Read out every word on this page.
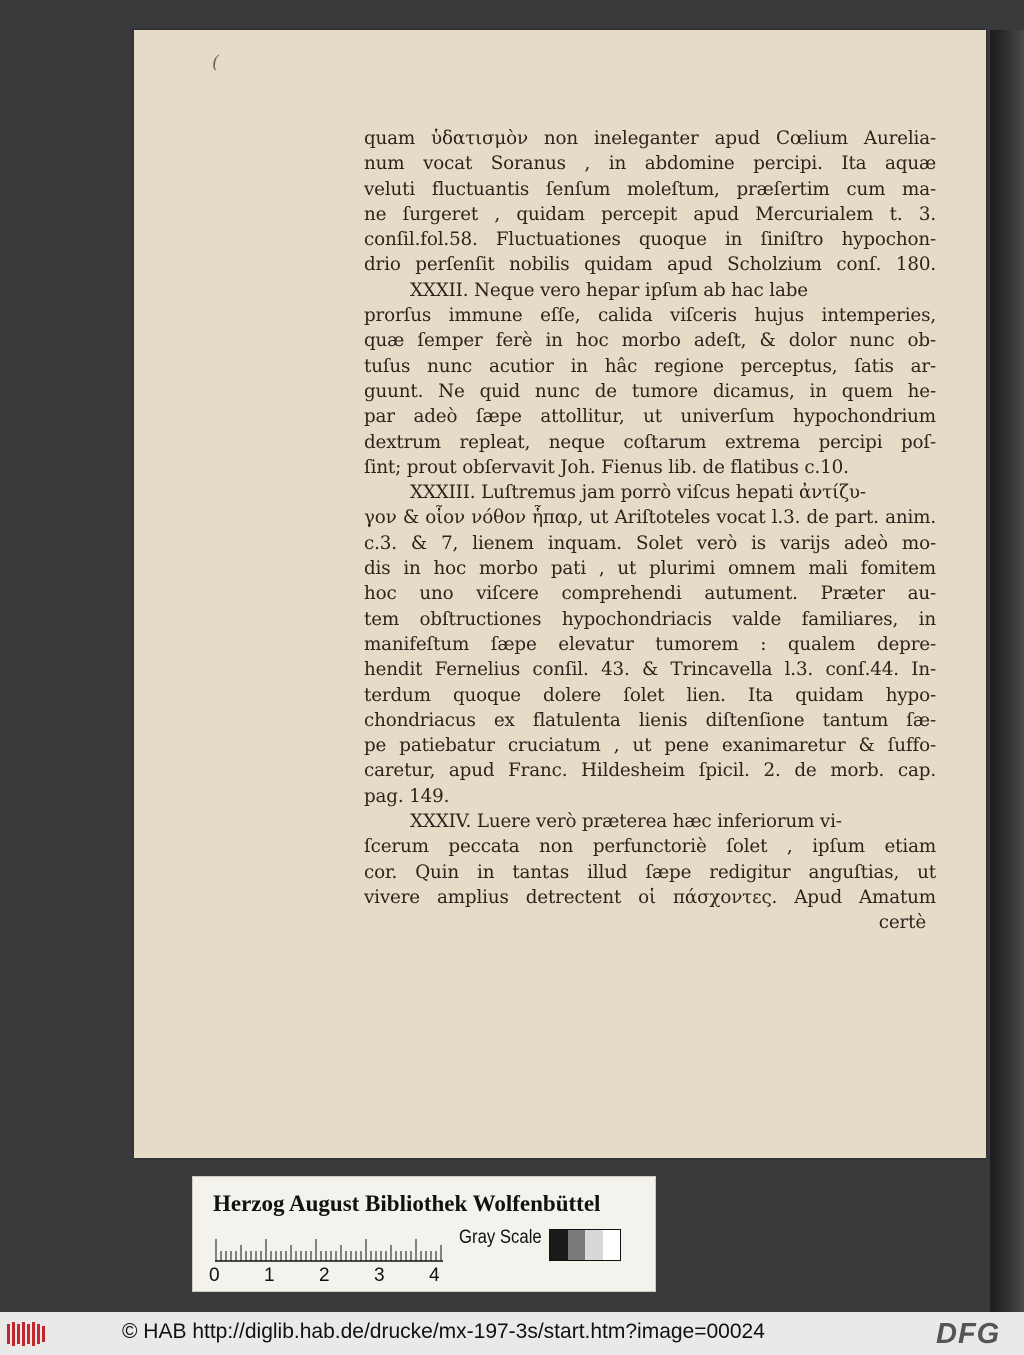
(
quam ὑδατισμὸν non ineleganter apud Cœlium Aurelia-
num vocat Soranus , in abdomine percipi. Ita aquæ
veluti fluctuantis ſenſum moleſtum, præſertim cum ma-
ne ſurgeret , quidam percepit apud Mercurialem t. 3.
conſil.fol.58. Fluctuationes quoque in ſiniſtro hypochon-
drio perſenſit nobilis quidam apud Scholzium conſ. 180.
XXXII. Neque vero hepar ipſum ab hac labe
prorſus immune eſſe, calida viſceris hujus intemperies,
quæ ſemper ferè in hoc morbo adeſt, & dolor nunc ob-
tuſus nunc acutior in hâc regione perceptus, ſatis ar-
guunt. Ne quid nunc de tumore dicamus, in quem he-
par adeò ſæpe attollitur, ut univerſum hypochondrium
dextrum repleat, neque coſtarum extrema percipi poſ-
ſint; prout obſervavit Joh. Fienus lib. de flatibus c.10.
XXXIII. Luſtremus jam porrò viſcus hepati ἀντίζυ-
γον & οἷον νόθον ἧπαρ, ut Ariſtoteles vocat l.3. de part. anim.
c.3. & 7, lienem inquam. Solet verò is varijs adeò mo-
dis in hoc morbo pati , ut plurimi omnem mali fomitem
hoc uno viſcere comprehendi autument. Præter au-
tem obſtructiones hypochondriacis valde familiares, in
manifeſtum ſæpe elevatur tumorem : qualem depre-
hendit Fernelius conſil. 43. & Trincavella l.3. conſ.44. In-
terdum quoque dolere ſolet lien. Ita quidam hypo-
chondriacus ex flatulenta lienis diſtenſione tantum ſæ-
pe patiebatur cruciatum , ut pene exanimaretur & ſuffo-
caretur, apud Franc. Hildesheim ſpicil. 2. de morb. cap.
pag. 149.
XXXIV. Luere verò præterea hæc inferiorum vi-
ſcerum peccata non perfunctoriè ſolet , ipſum etiam
cor. Quin in tantas illud ſæpe redigitur anguſtias, ut
vivere amplius detrectent οἱ πάσχοντες. Apud Amatum
certè
Herzog August Bibliothek Wolfenbüttel
0 1 2 3 4
Gray Scale
© HAB http://diglib.hab.de/drucke/mx-197-3s/start.htm?image=00024	DFG
